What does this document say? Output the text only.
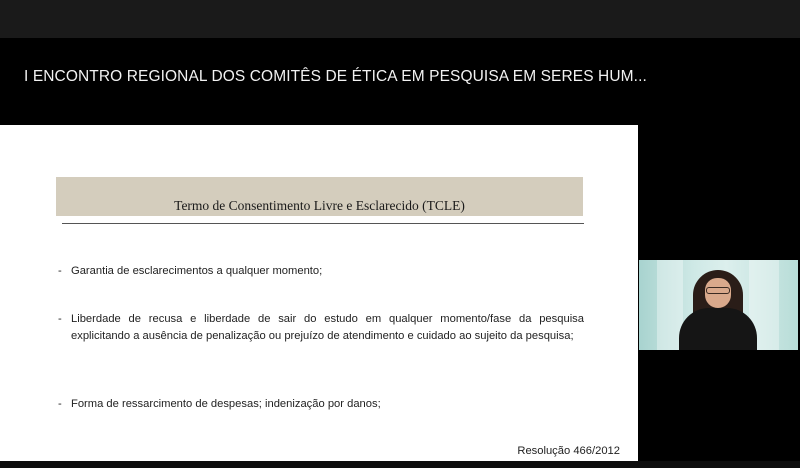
I ENCONTRO REGIONAL DOS COMITÊS DE ÉTICA EM PESQUISA EM SERES HUM...
Termo de Consentimento Livre e Esclarecido (TCLE)
- Garantia de esclarecimentos a qualquer momento;
- Liberdade de recusa e liberdade de sair do estudo em qualquer momento/fase da pesquisa explicitando a ausência de penalização ou prejuízo de atendimento e cuidado ao sujeito da pesquisa;
- Forma de ressarcimento de despesas; indenização por danos;
Resolução 466/2012
